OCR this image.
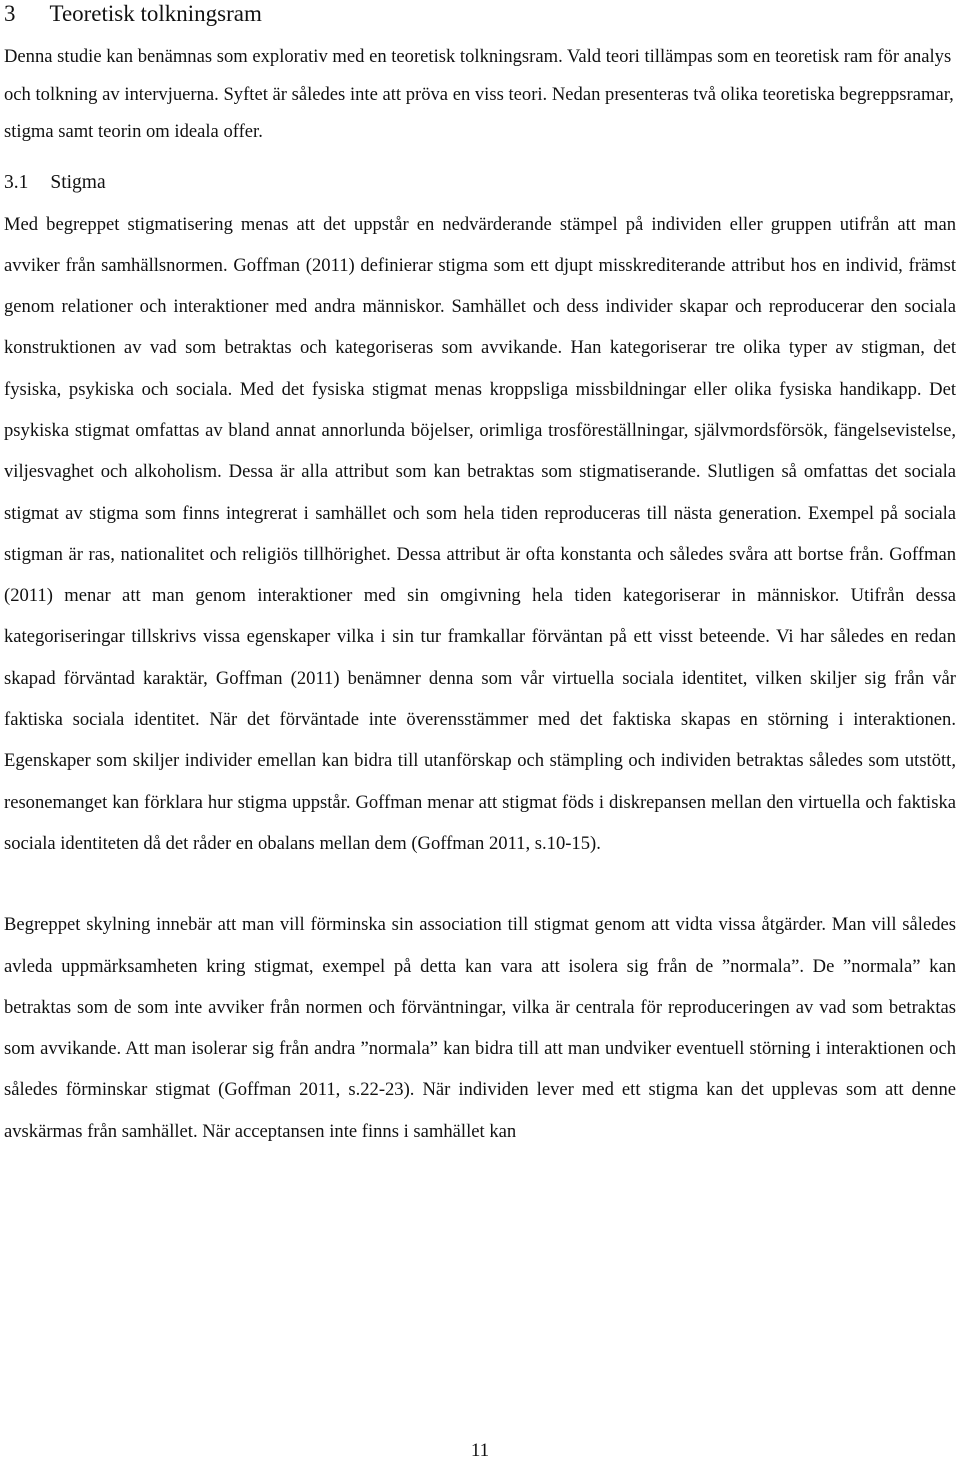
3 Teoretisk tolkningsram

Denna studie kan benämnas som explorativ med en teoretisk tolkningsram. Vald teori tillämpas som en teoretisk ram för analys och tolkning av intervjuerna. Syftet är således inte att pröva en viss teori. Nedan presenteras två olika teoretiska begreppsramar, stigma samt teorin om ideala offer.

3.1 Stigma

Med begreppet stigmatisering menas att det uppstår en nedvärderande stämpel på individen eller gruppen utifrån att man avviker från samhällsnormen. Goffman (2011) definierar stigma som ett djupt misskrediterande attribut hos en individ, främst genom relationer och interaktioner med andra människor. Samhället och dess individer skapar och reproducerar den sociala konstruktionen av vad som betraktas och kategoriseras som avvikande. Han kategoriserar tre olika typer av stigman, det fysiska, psykiska och sociala. Med det fysiska stigmat menas kroppsliga missbildningar eller olika fysiska handikapp. Det psykiska stigmat omfattas av bland annat annorlunda böjelser, orimliga trosföreställningar, självmordsförsök, fängelsevistelse, viljesvaghet och alkoholism. Dessa är alla attribut som kan betraktas som stigmatiserande. Slutligen så omfattas det sociala stigmat av stigma som finns integrerat i samhället och som hela tiden reproduceras till nästa generation. Exempel på sociala stigman är ras, nationalitet och religiös tillhörighet. Dessa attribut är ofta konstanta och således svåra att bortse från. Goffman (2011) menar att man genom interaktioner med sin omgivning hela tiden kategoriserar in människor. Utifrån dessa kategoriseringar tillskrivs vissa egenskaper vilka i sin tur framkallar förväntan på ett visst beteende. Vi har således en redan skapad förväntad karaktär, Goffman (2011) benämner denna som vår virtuella sociala identitet, vilken skiljer sig från vår faktiska sociala identitet. När det förväntade inte överensstämmer med det faktiska skapas en störning i interaktionen. Egenskaper som skiljer individer emellan kan bidra till utanförskap och stämpling och individen betraktas således som utstött, resonemanget kan förklara hur stigma uppstår. Goffman menar att stigmat föds i diskrepansen mellan den virtuella och faktiska sociala identiteten då det råder en obalans mellan dem (Goffman 2011, s.10-15).

Begreppet skylning innebär att man vill förminska sin association till stigmat genom att vidta vissa åtgärder. Man vill således avleda uppmärksamheten kring stigmat, exempel på detta kan vara att isolera sig från de ”normala”. De ”normala” kan betraktas som de som inte avviker från normen och förväntningar, vilka är centrala för reproduceringen av vad som betraktas som avvikande. Att man isolerar sig från andra ”normala” kan bidra till att man undviker eventuell störning i interaktionen och således förminskar stigmat (Goffman 2011, s.22-23). När individen lever med ett stigma kan det upplevas som att denne avskärmas från samhället. När acceptansen inte finns i samhället kan

11
